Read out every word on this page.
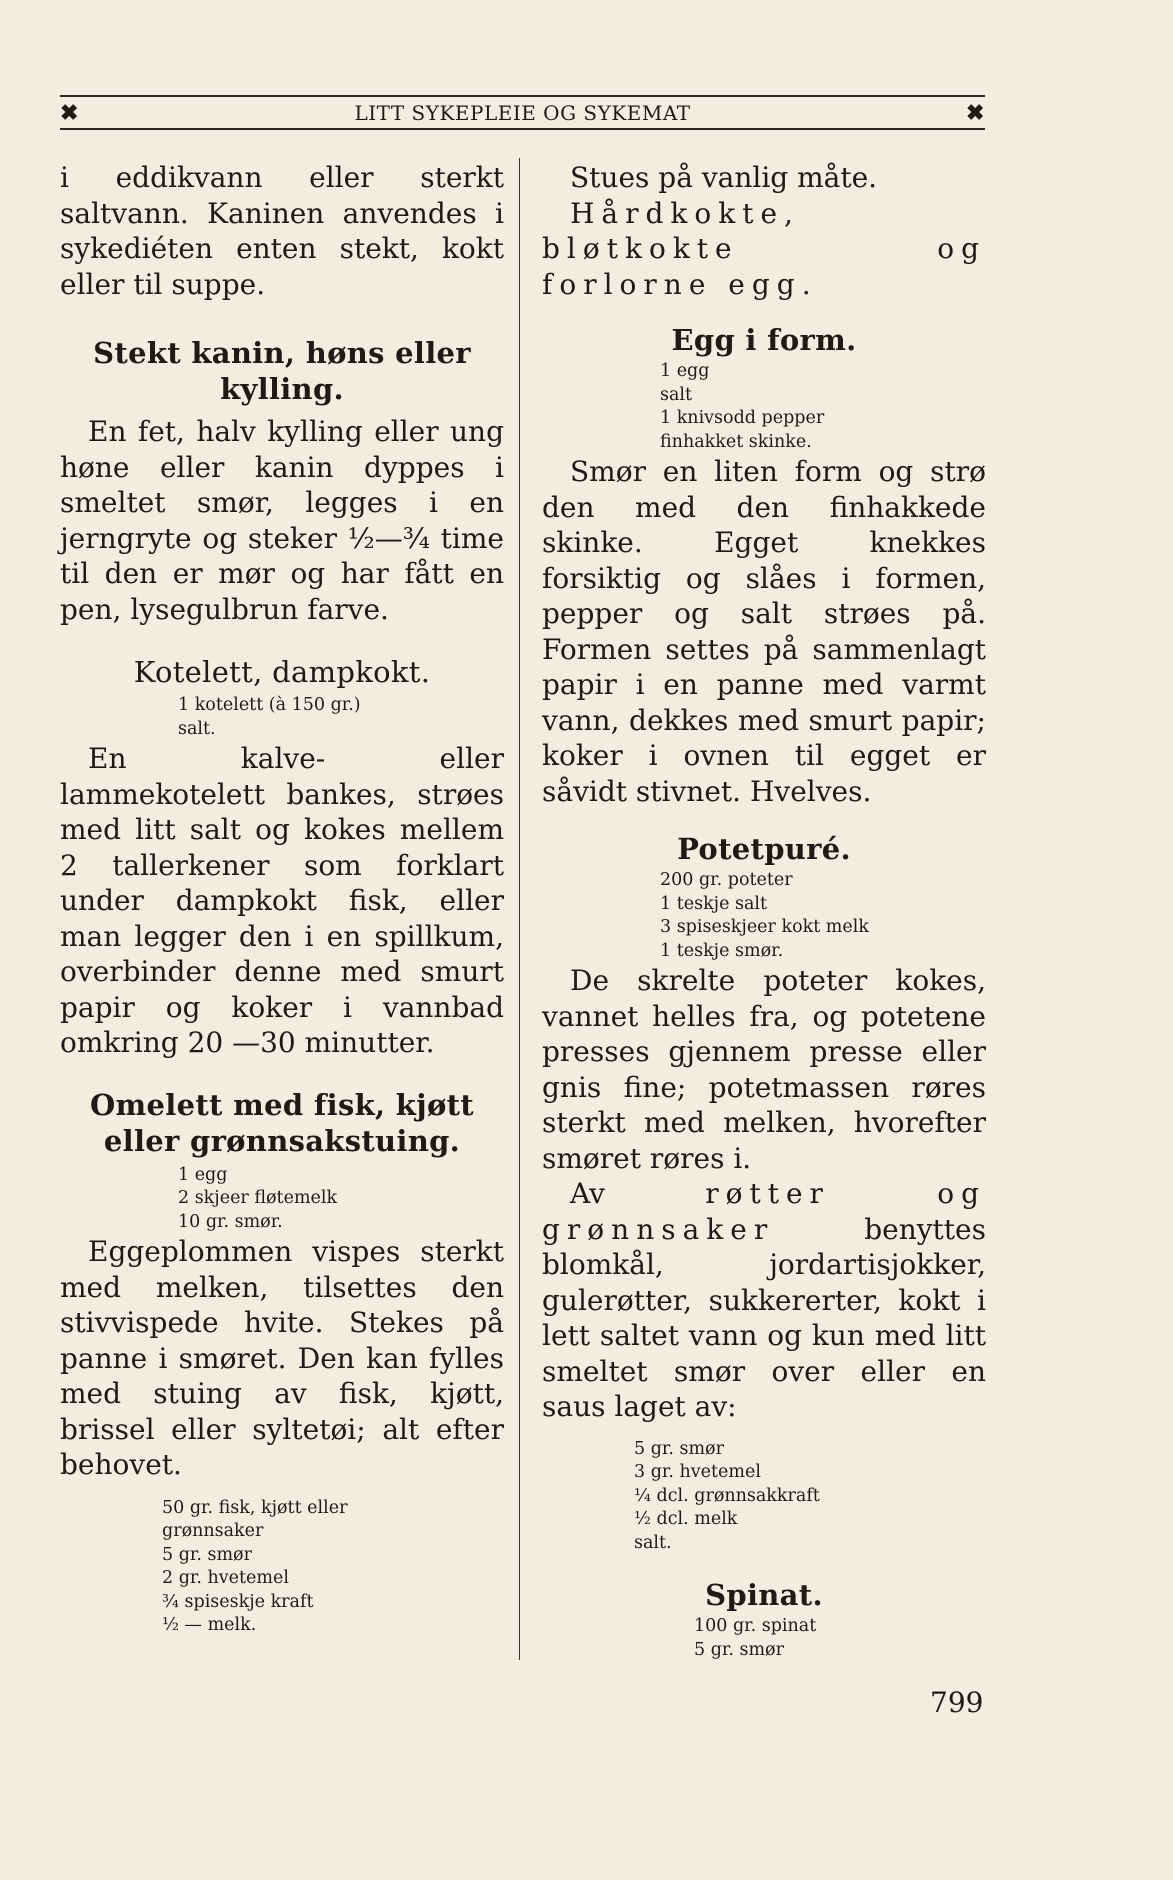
✖	LITT SYKEPLEIE OG SYKEMAT	✖

i eddikvann eller sterkt saltvann. Kaninen anvendes i sykediéten enten stekt, kokt eller til suppe.

Stekt kanin, høns eller kylling.

En fet, halv kylling eller ung høne eller kanin dyppes i smeltet smør, legges i en jerngryte og steker ½—¾ time til den er mør og har fått en pen, lysegulbrun farve.

Kotelett, dampkokt.
1 kotelett (à 150 gr.)
salt.

En kalve- eller lammekotelett bankes, strøes med litt salt og kokes mellem 2 tallerkener som forklart under dampkokt fisk, eller man legger den i en spillkum, overbinder denne med smurt papir og koker i vannbad omkring 20 —30 minutter.

Omelett med fisk, kjøtt eller grønnsakstuing.
1 egg
2 skjeer fløtemelk
10 gr. smør.

Eggeplommen vispes sterkt med melken, tilsettes den stivvispede hvite. Stekes på panne i smøret. Den kan fylles med stuing av fisk, kjøtt, brissel eller syltetøi; alt efter behovet.

50 gr. fisk, kjøtt eller
grønnsaker
5 gr. smør
2 gr. hvetemel
¾ spiseskje kraft
½ — melk.

Stues på vanlig måte.

Hårdkokte, bløtkokte og forlorne egg.

Egg i form.
1 egg
salt
1 knivsodd pepper
finhakket skinke.

Smør en liten form og strø den med den finhakkede skinke. Egget knekkes forsiktig og slåes i formen, pepper og salt strøes på. Formen settes på sammenlagt papir i en panne med varmt vann, dekkes med smurt papir; koker i ovnen til egget er såvidt stivnet. Hvelves.

Potetpuré.
200 gr. poteter
1 teskje salt
3 spiseskjeer kokt melk
1 teskje smør.

De skrelte poteter kokes, vannet helles fra, og potetene presses gjennem presse eller gnis fine; potetmassen røres sterkt med melken, hvorefter smøret røres i.

Av	røtter og grønnsaker	benyttes blomkål, jordartisjokker, gulerøtter, sukkererter, kokt i lett saltet vann og kun med litt smeltet smør over eller en saus laget av:

5 gr. smør
3 gr. hvetemel
¼ dcl. grønnsakkraft
½ dcl. melk
salt.
Spinat.
100 gr. spinat
5 gr. smør
799
